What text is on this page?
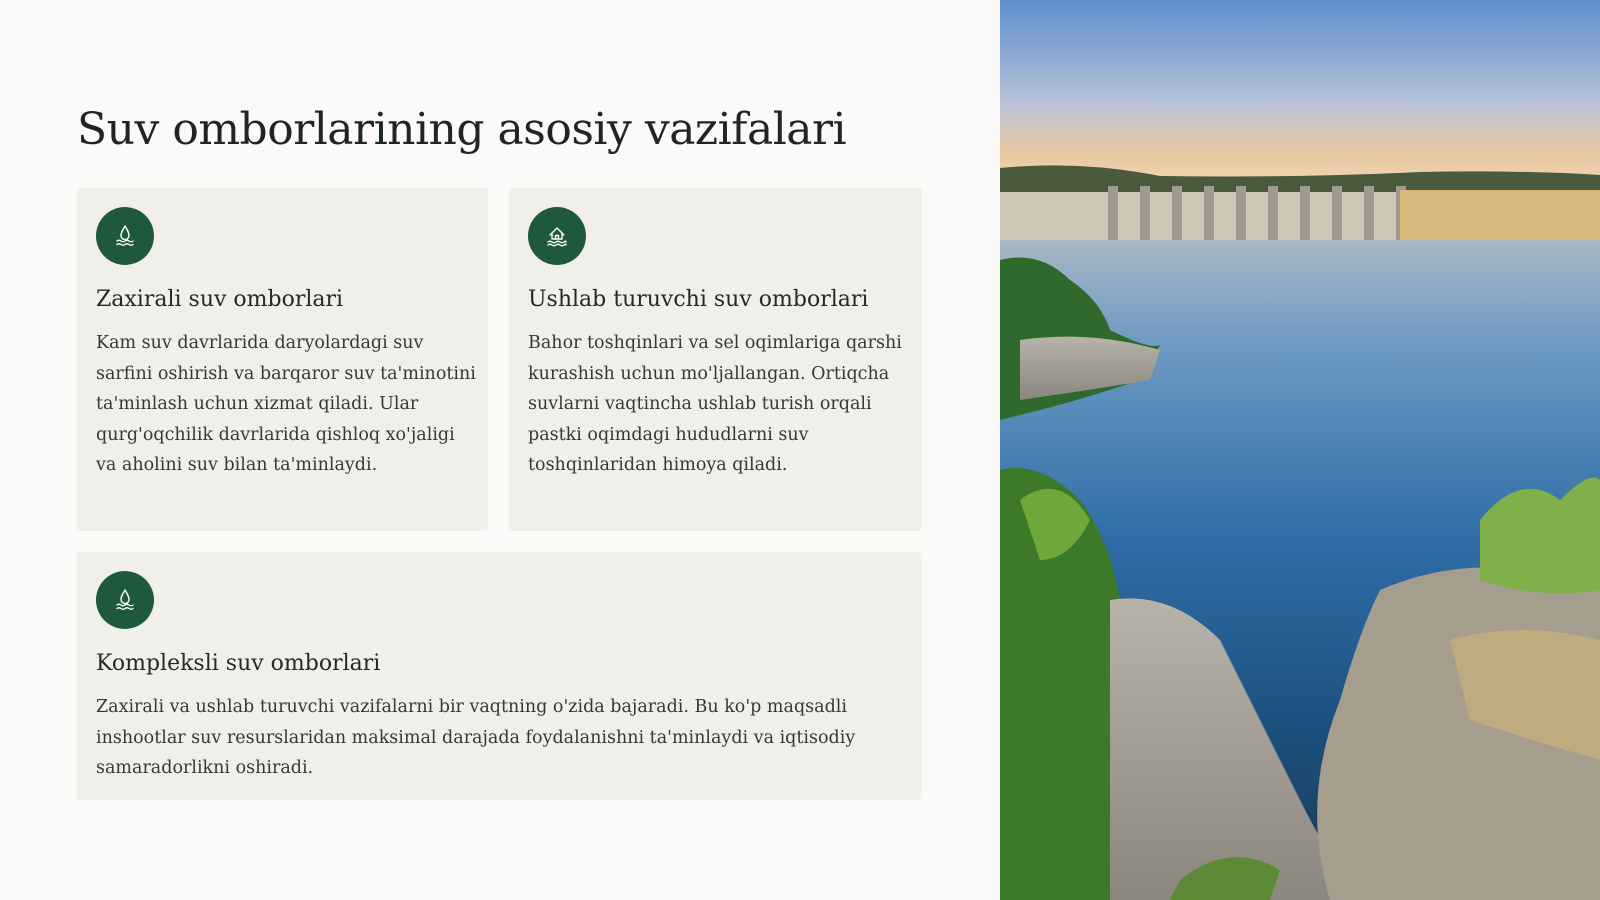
Suv omborlarining asosiy vazifalari
Zaxirali suv omborlari

Kam suv davrlarida daryolardagi suv sarfini oshirish va barqaror suv ta'minotini ta'minlash uchun xizmat qiladi. Ular qurg'oqchilik davrlarida qishloq xo'jaligi va aholini suv bilan ta'minlaydi.

Ushlab turuvchi suv omborlari

Bahor toshqinlari va sel oqimlariga qarshi kurashish uchun mo'ljallangan. Ortiqcha suvlarni vaqtincha ushlab turish orqali pastki oqimdagi hududlarni suv toshqinlaridan himoya qiladi.

Kompleksli suv omborlari

Zaxirali va ushlab turuvchi vazifalarni bir vaqtning o'zida bajaradi. Bu ko'p maqsadli inshootlar suv resurslaridan maksimal darajada foydalanishni ta'minlaydi va iqtisodiy samaradorlikni oshiradi.
